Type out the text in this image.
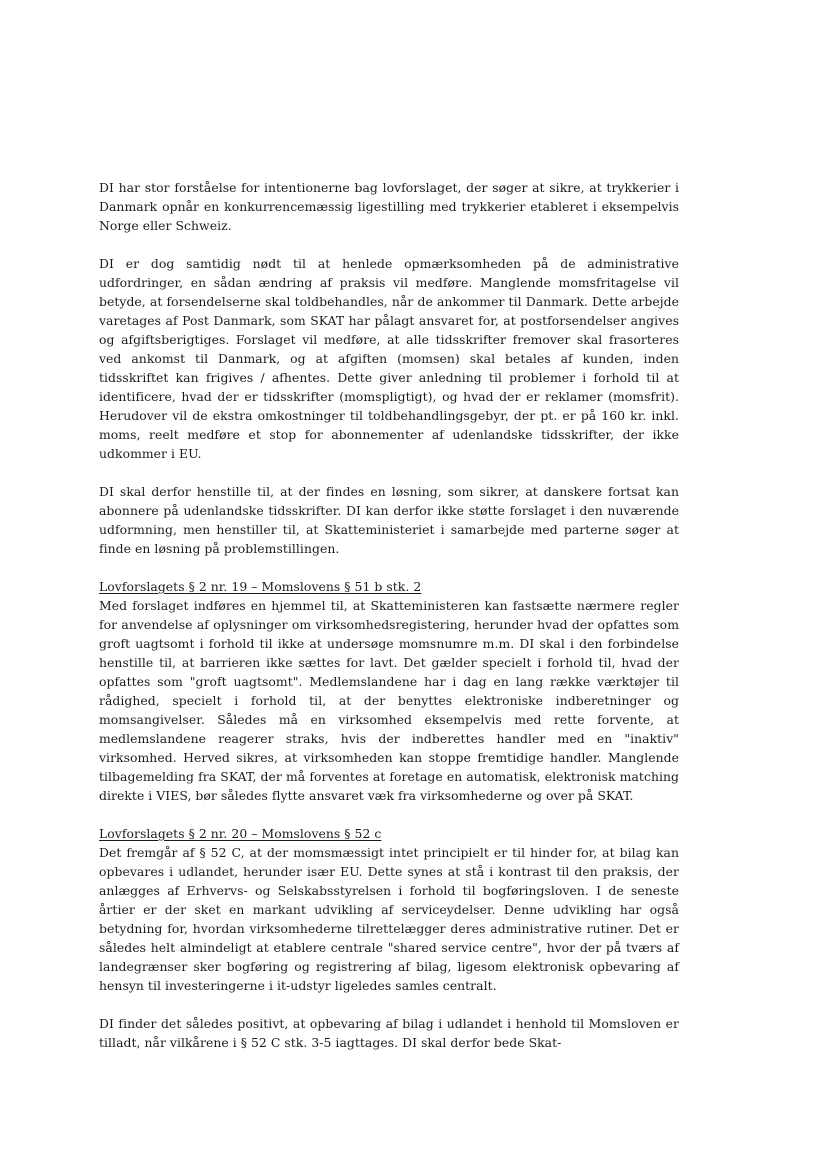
DI har stor forståelse for intentionerne bag lovforslaget, der søger at sikre, at trykkerier i Danmark opnår en konkurrencemæssig ligestilling med trykkerier etableret i eksempelvis Norge eller Schweiz.

DI er dog samtidig nødt til at henlede opmærksomheden på de administrative udfordringer, en sådan ændring af praksis vil medføre. Manglende momsfritagelse vil betyde, at forsendelserne skal toldbehandles, når de ankommer til Danmark. Dette arbejde varetages af Post Danmark, som SKAT har pålagt ansvaret for, at postforsendelser angives og afgiftsberigtiges. Forslaget vil medføre, at alle tidsskrifter fremover skal frasorteres ved ankomst til Danmark, og at afgiften (momsen) skal betales af kunden, inden tidsskriftet kan frigives / afhentes. Dette giver anledning til problemer i forhold til at identificere, hvad der er tidsskrifter (momspligtigt), og hvad der er reklamer (momsfrit). Herudover vil de ekstra omkostninger til toldbehandlingsgebyr, der pt. er på 160 kr. inkl. moms, reelt medføre et stop for abonnementer af udenlandske tidsskrifter, der ikke udkommer i EU.

DI skal derfor henstille til, at der findes en løsning, som sikrer, at danskere fortsat kan abonnere på udenlandske tidsskrifter. DI kan derfor ikke støtte forslaget i den nuværende udformning, men henstiller til, at Skatteministeriet i samarbejde med parterne søger at finde en løsning på problemstillingen.

Lovforslagets § 2 nr. 19 – Momslovens § 51 b stk. 2

Med forslaget indføres en hjemmel til, at Skatteministeren kan fastsætte nærmere regler for anvendelse af oplysninger om virksomhedsregistering, herunder hvad der opfattes som groft uagtsomt i forhold til ikke at undersøge momsnumre m.m. DI skal i den forbindelse henstille til, at barrieren ikke sættes for lavt. Det gælder specielt i forhold til, hvad der opfattes som "groft uagtsomt". Medlemslandene har i dag en lang række værktøjer til rådighed, specielt i forhold til, at der benyttes elektroniske indberetninger og momsangivelser. Således må en virksomhed eksempelvis med rette forvente, at medlemslandene reagerer straks, hvis der indberettes handler med en "inaktiv" virksomhed. Herved sikres, at virksomheden kan stoppe fremtidige handler. Manglende tilbagemelding fra SKAT, der må forventes at foretage en automatisk, elektronisk matching direkte i VIES, bør således flytte ansvaret væk fra virksomhederne og over på SKAT.

Lovforslagets § 2 nr. 20 – Momslovens § 52 c

Det fremgår af § 52 C, at der momsmæssigt intet principielt er til hinder for, at bilag kan opbevares i udlandet, herunder især EU. Dette synes at stå i kontrast til den praksis, der anlægges af Erhvervs- og Selskabsstyrelsen i forhold til bogføringsloven. I de seneste årtier er der sket en markant udvikling af serviceydelser. Denne udvikling har også betydning for, hvordan virksomhederne tilrettelægger deres administrative rutiner. Det er således helt almindeligt at etablere centrale "shared service centre", hvor der på tværs af landegrænser sker bogføring og registrering af bilag, ligesom elektronisk opbevaring af hensyn til investeringerne i it-udstyr ligeledes samles centralt.

DI finder det således positivt, at opbevaring af bilag i udlandet i henhold til Momsloven er tilladt, når vilkårene i § 52 C stk. 3-5 iagttages. DI skal derfor bede Skat-
